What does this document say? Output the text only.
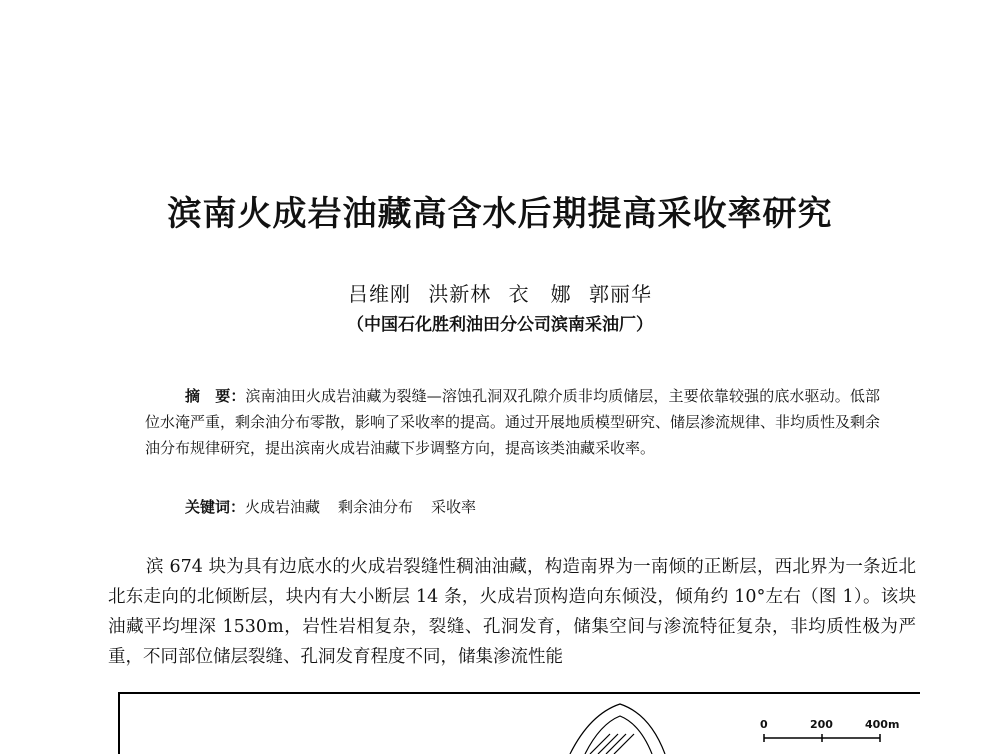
滨南火成岩油藏高含水后期提高采收率研究
吕维刚 洪新林 衣　娜 郭丽华
（中国石化胜利油田分公司滨南采油厂）
摘　要：滨南油田火成岩油藏为裂缝—溶蚀孔洞双孔隙介质非均质储层，主要依靠较强的底水驱动。低部位水淹严重，剩余油分布零散，影响了采收率的提高。通过开展地质模型研究、储层渗流规律、非均质性及剩余油分布规律研究，提出滨南火成岩油藏下步调整方向，提高该类油藏采收率。
关键词：火成岩油藏 剩余油分布 采收率

滨 674 块为具有边底水的火成岩裂缝性稠油油藏，构造南界为一南倾的正断层，西北界为一条近北北东走向的北倾断层，块内有大小断层 14 条，火成岩顶构造向东倾没，倾角约 10°左右（图 1）。该块油藏平均埋深 1530m，岩性岩相复杂，裂缝、孔洞发育，储集空间与渗流特征复杂，非均质性极为严重，不同部位储层裂缝、孔洞发育程度不同，储集渗流性能

0	200	400m
